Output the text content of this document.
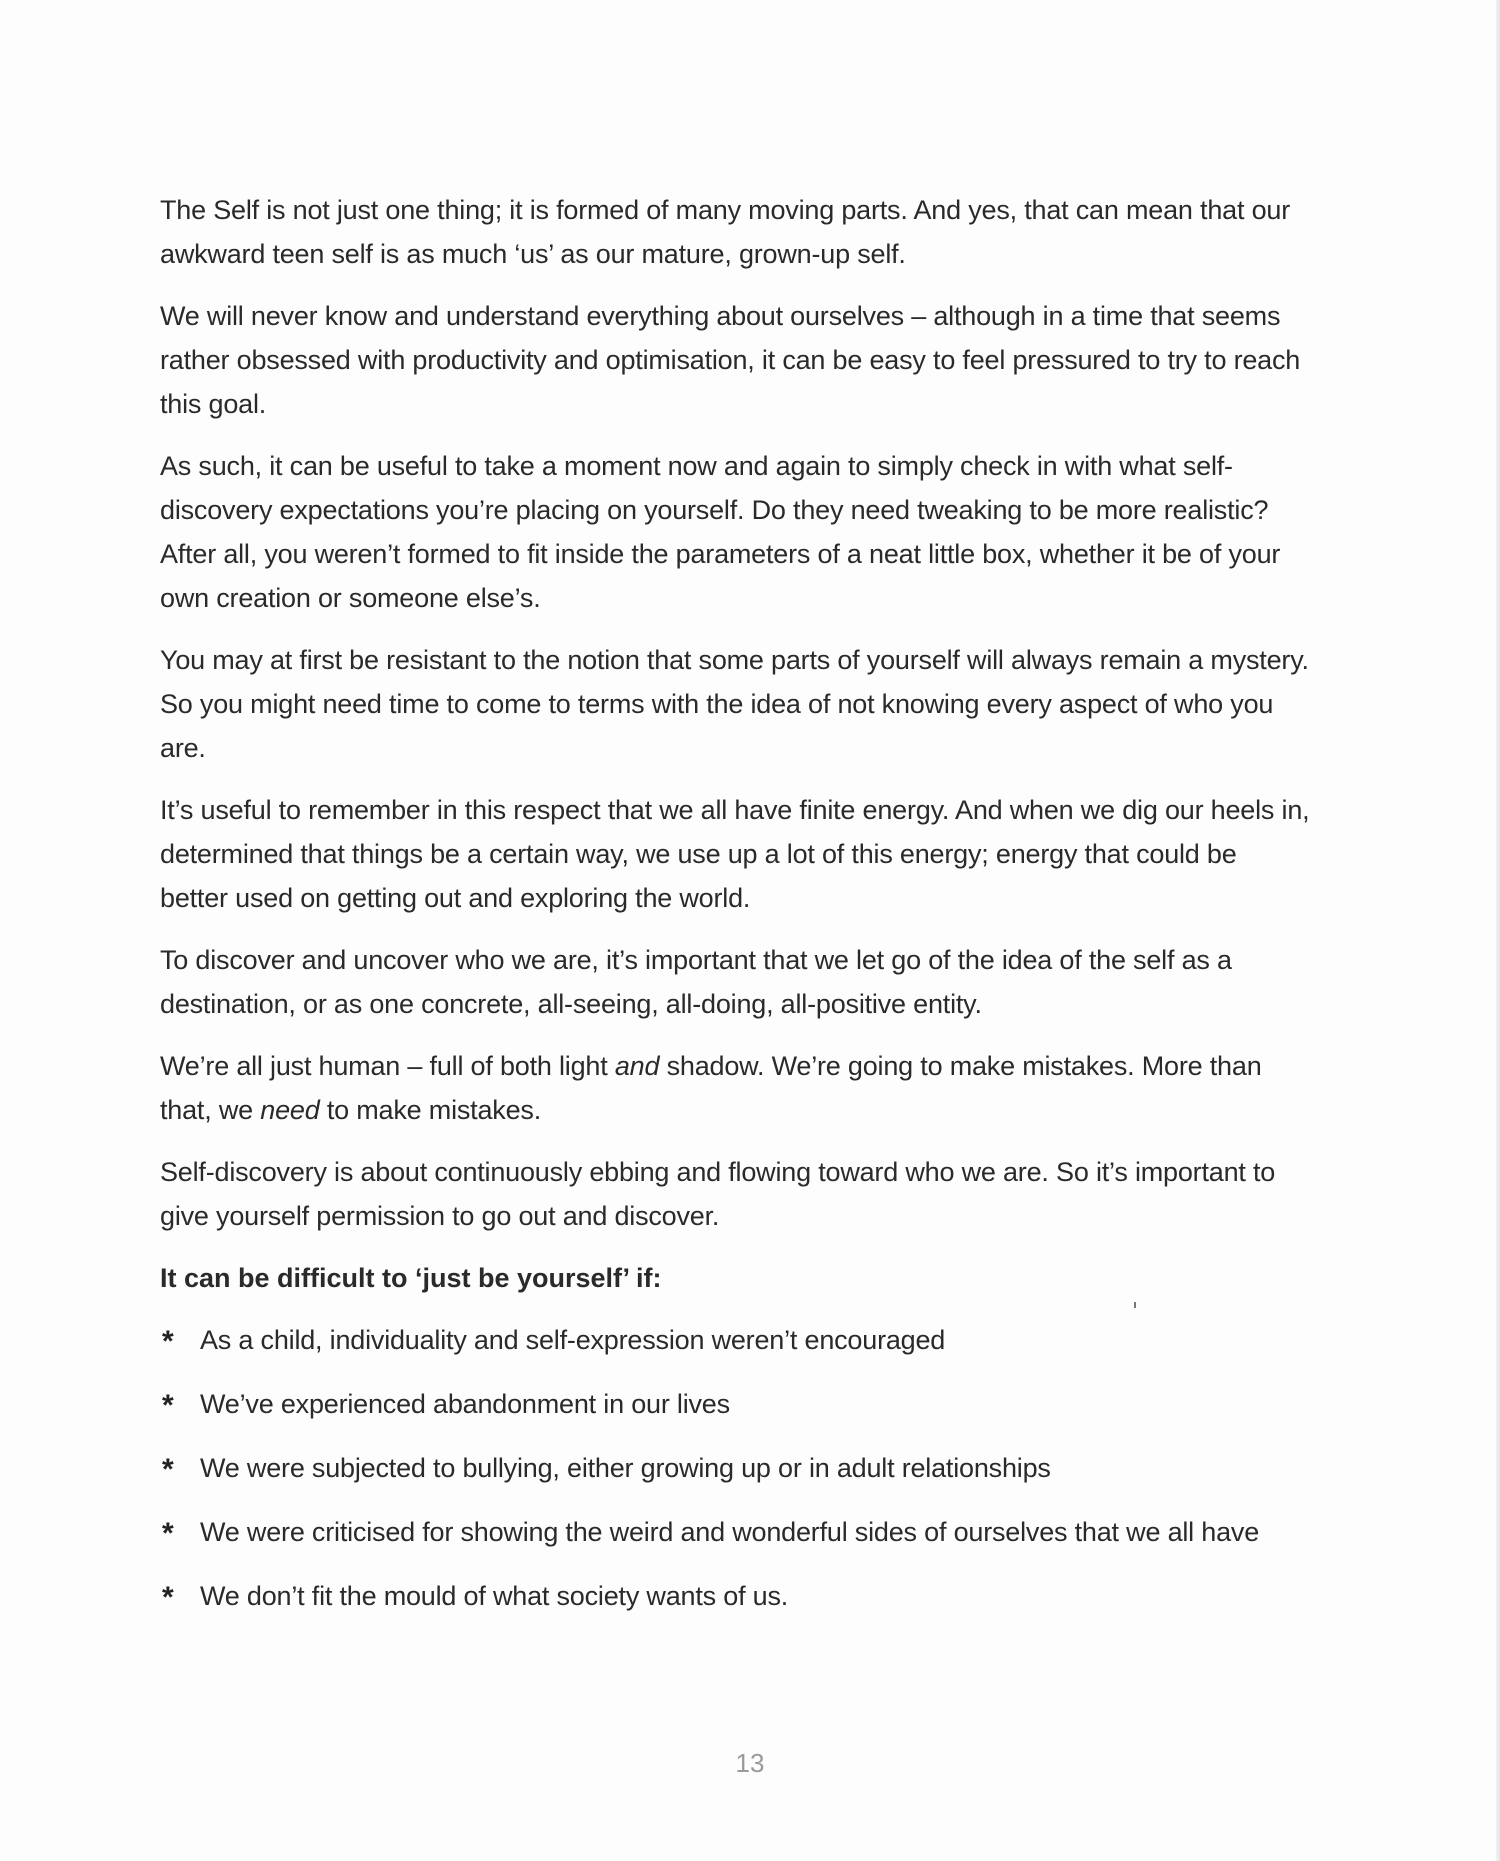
The Self is not just one thing; it is formed of many moving parts. And yes, that can mean that our awkward teen self is as much ‘us’ as our mature, grown-up self.

We will never know and understand everything about ourselves – although in a time that seems rather obsessed with productivity and optimisation, it can be easy to feel pressured to try to reach this goal.

As such, it can be useful to take a moment now and again to simply check in with what self-discovery expectations you’re placing on yourself. Do they need tweaking to be more realistic? After all, you weren’t formed to fit inside the parameters of a neat little box, whether it be of your own creation or someone else’s.

You may at first be resistant to the notion that some parts of yourself will always remain a mystery. So you might need time to come to terms with the idea of not knowing every aspect of who you are.

It’s useful to remember in this respect that we all have finite energy. And when we dig our heels in, determined that things be a certain way, we use up a lot of this energy; energy that could be better used on getting out and exploring the world.

To discover and uncover who we are, it’s important that we let go of the idea of the self as a destination, or as one concrete, all-seeing, all-doing, all-positive entity.

We’re all just human – full of both light and shadow. We’re going to make mistakes. More than that, we need to make mistakes.

Self-discovery is about continuously ebbing and flowing toward who we are. So it’s important to give yourself permission to go out and discover.

It can be difficult to ‘just be yourself’ if:

* As a child, individuality and self-expression weren’t encouraged
* We’ve experienced abandonment in our lives
* We were subjected to bullying, either growing up or in adult relationships
* We were criticised for showing the weird and wonderful sides of ourselves that we all have
* We don’t fit the mould of what society wants of us.
13
